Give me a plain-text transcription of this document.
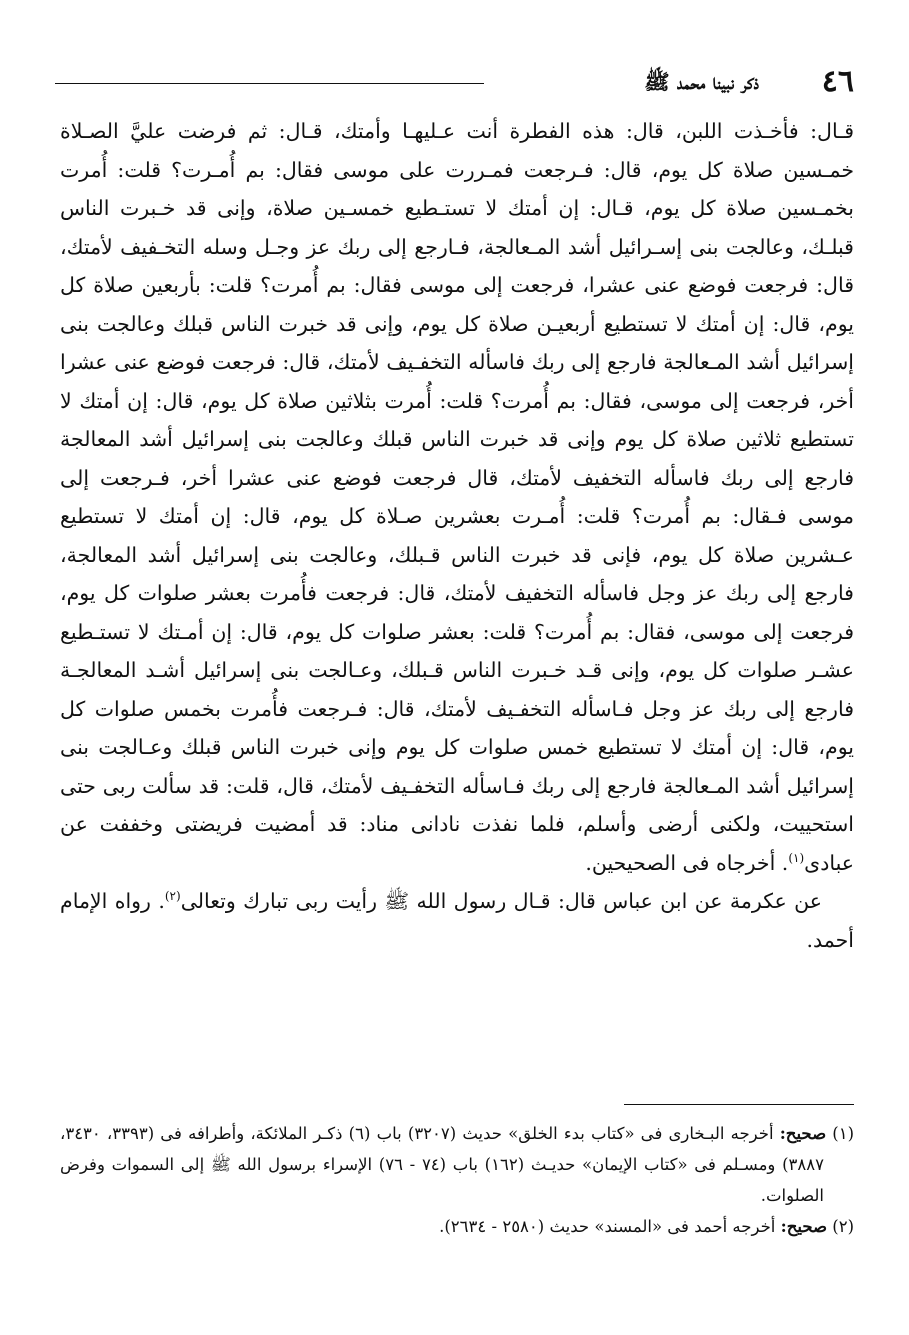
٤٦
ذكر نبينا محمد ﷺ

قـال: فأخـذت اللبن، قال: هذه الفطرة أنت عـليهـا وأمتك، قـال: ثم فرضت عليَّ الصـلاة خمـسين صلاة كل يوم، قال: فـرجعت فمـررت على موسى فقال: بم أُمـرت؟ قلت: أُمرت بخمـسين صلاة كل يوم، قـال: إن أمتك لا تستـطيع خمسـين صلاة، وإنى قد خـبرت الناس قبلـك، وعالجت بنى إسـرائيل أشد المـعالجة، فـارجع إلى ربك عز وجـل وسله التخـفيف لأمتك، قال: فرجعت فوضع عنى عشرا، فرجعت إلى موسى فقال: بم أُمرت؟ قلت: بأربعين صلاة كل يوم، قال: إن أمتك لا تستطيع أربعيـن صلاة كل يوم، وإنى قد خبرت الناس قبلك وعالجت بنى إسرائيل أشد المـعالجة فارجع إلى ربك فاسأله التخفـيف لأمتك، قال: فرجعت فوضع عنى عشرا أخر، فرجعت إلى موسى، فقال: بم أُمرت؟ قلت: أُمرت بثلاثين صلاة كل يوم، قال: إن أمتك لا تستطيع ثلاثين صلاة كل يوم وإنى قد خبرت الناس قبلك وعالجت بنى إسرائيل أشد المعالجة فارجع إلى ربك فاسأله التخفيف لأمتك، قال فرجعت فوضع عنى عشرا أخر، فـرجعت إلى موسى فـقال: بم أُمرت؟ قلت: أُمـرت بعشرين صـلاة كل يوم، قال: إن أمتك لا تستطيع عـشرين صلاة كل يوم، فإنى قد خبرت الناس قـبلك، وعالجت بنى إسرائيل أشد المعالجة، فارجع إلى ربك عز وجل فاسأله التخفيف لأمتك، قال: فرجعت فأُمرت بعشر صلوات كل يوم، فرجعت إلى موسى، فقال: بم أُمرت؟ قلت: بعشر صلوات كل يوم، قال: إن أمـتك لا تستـطيع عشـر صلوات كل يوم، وإنى قـد خـبرت الناس قـبلك، وعـالجت بنى إسرائيل أشـد المعالجـة فارجع إلى ربك عز وجل فـاسأله التخفـيف لأمتك، قال: فـرجعت فأُمرت بخمس صلوات كل يوم، قال: إن أمتك لا تستطيع خمس صلوات كل يوم وإنى خبرت الناس قبلك وعـالجت بنى إسرائيل أشد المـعالجة فارجع إلى ربك فـاسأله التخفـيف لأمتك، قال، قلت: قد سألت ربى حتى استحييت، ولكنى أرضى وأسلم، فلما نفذت نادانى مناد: قد أمضيت فريضتى وخففت عن عبادى$^{(١)}$. أخرجاه فى الصحيحين.

عن عكرمة عن ابن عباس قال: قـال رسول الله ﷺ رأيت ربى تبارك وتعالى$^{(٢)}$. رواه الإمام أحمد.

(١) صحيح: أخرجه البـخارى فى «كتاب بدء الخلق» حديث (٣٢٠٧) باب (٦) ذكـر الملائكة، وأطرافه فى (٣٣٩٣، ٣٤٣٠، ٣٨٨٧) ومسـلم فى «كتاب الإيمان» حديـث (١٦٢) باب (٧٤ - ٧٦) الإسراء برسول الله ﷺ إلى السموات وفرض الصلوات.

(٢) صحيح: أخرجه أحمد فى «المسند» حديث (٢٥٨٠ - ٢٦٣٤).
